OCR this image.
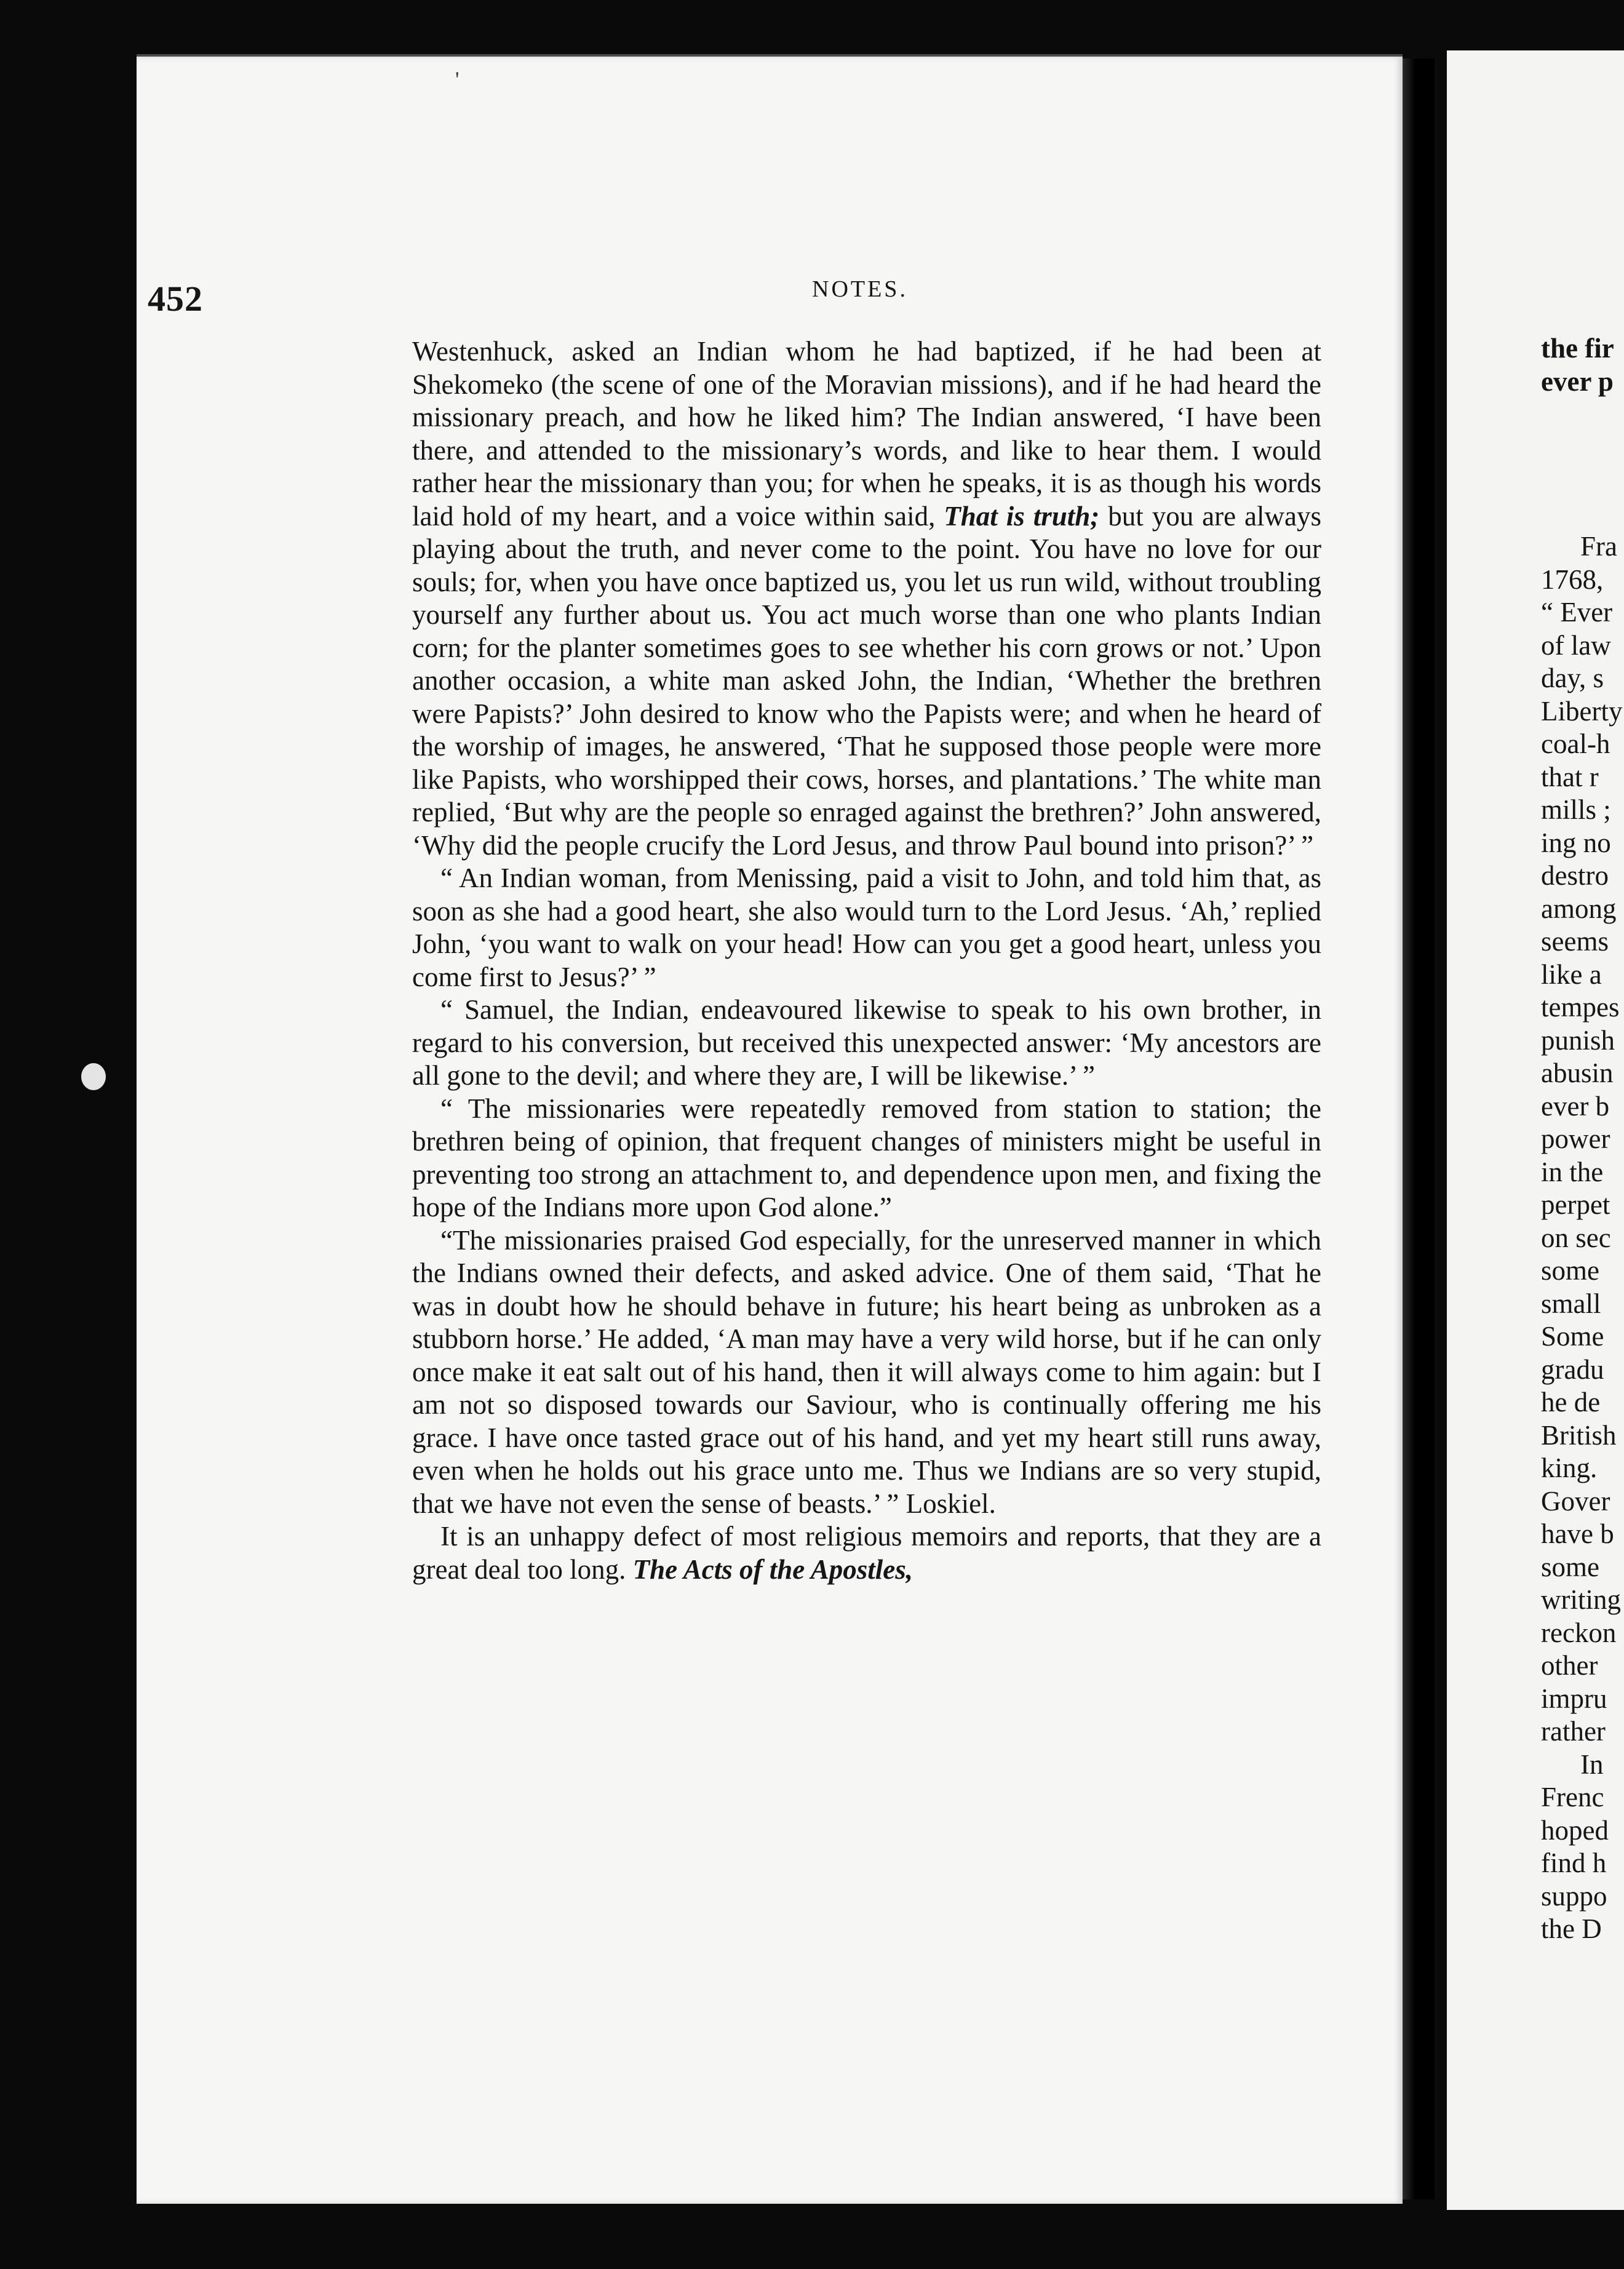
'
452	NOTES.

Westenhuck, asked an Indian whom he had baptized, if he had been at Shekomeko (the scene of one of the Moravian missions), and if he had heard the missionary preach, and how he liked him? The Indian answered, ‘I have been there, and attended to the missionary’s words, and like to hear them. I would rather hear the missionary than you; for when he speaks, it is as though his words laid hold of my heart, and a voice within said, That is truth; but you are always playing about the truth, and never come to the point. You have no love for our souls; for, when you have once baptized us, you let us run wild, without troubling yourself any further about us. You act much worse than one who plants Indian corn; for the planter sometimes goes to see whether his corn grows or not.’ Upon another occasion, a white man asked John, the Indian, ‘Whether the brethren were Papists?’ John desired to know who the Papists were; and when he heard of the worship of images, he answered, ‘That he supposed those people were more like Papists, who worshipped their cows, horses, and plantations.’ The white man replied, ‘But why are the people so enraged against the brethren?’ John answered, ‘Why did the people crucify the Lord Jesus, and throw Paul bound into prison?’ ”

“ An Indian woman, from Menissing, paid a visit to John, and told him that, as soon as she had a good heart, she also would turn to the Lord Jesus. ‘Ah,’ replied John, ‘you want to walk on your head! How can you get a good heart, unless you come first to Jesus?’ ”

“ Samuel, the Indian, endeavoured likewise to speak to his own brother, in regard to his conversion, but received this unexpected answer: ‘My ancestors are all gone to the devil; and where they are, I will be likewise.’ ”

“ The missionaries were repeatedly removed from station to station; the brethren being of opinion, that frequent changes of ministers might be useful in preventing too strong an attachment to, and dependence upon men, and fixing the hope of the Indians more upon God alone.”

“The missionaries praised God especially, for the unreserved manner in which the Indians owned their defects, and asked advice. One of them said, ‘That he was in doubt how he should behave in future; his heart being as unbroken as a stubborn horse.’ He added, ‘A man may have a very wild horse, but if he can only once make it eat salt out of his hand, then it will always come to him again: but I am not so disposed towards our Saviour, who is continually offering me his grace. I have once tasted grace out of his hand, and yet my heart still runs away, even when he holds out his grace unto me. Thus we Indians are so very stupid, that we have not even the sense of beasts.’ ” Loskiel.

It is an unhappy defect of most religious memoirs and reports, that they are a great deal too long. The Acts of the Apostles,

the fir
ever p
Fra
1768,
“ Ever
of law
day, s
Liberty
coal-h
that r
mills ;
ing no
destro
among
seems
like a
tempes
punish
abusin
ever b
power
in the
perpet
on sec
some
small
Some
gradu
he de
British
king.
Gover
have b
some
writing
reckon
other
impru
rather
In
Frenc
hoped
find h
suppo
the D
